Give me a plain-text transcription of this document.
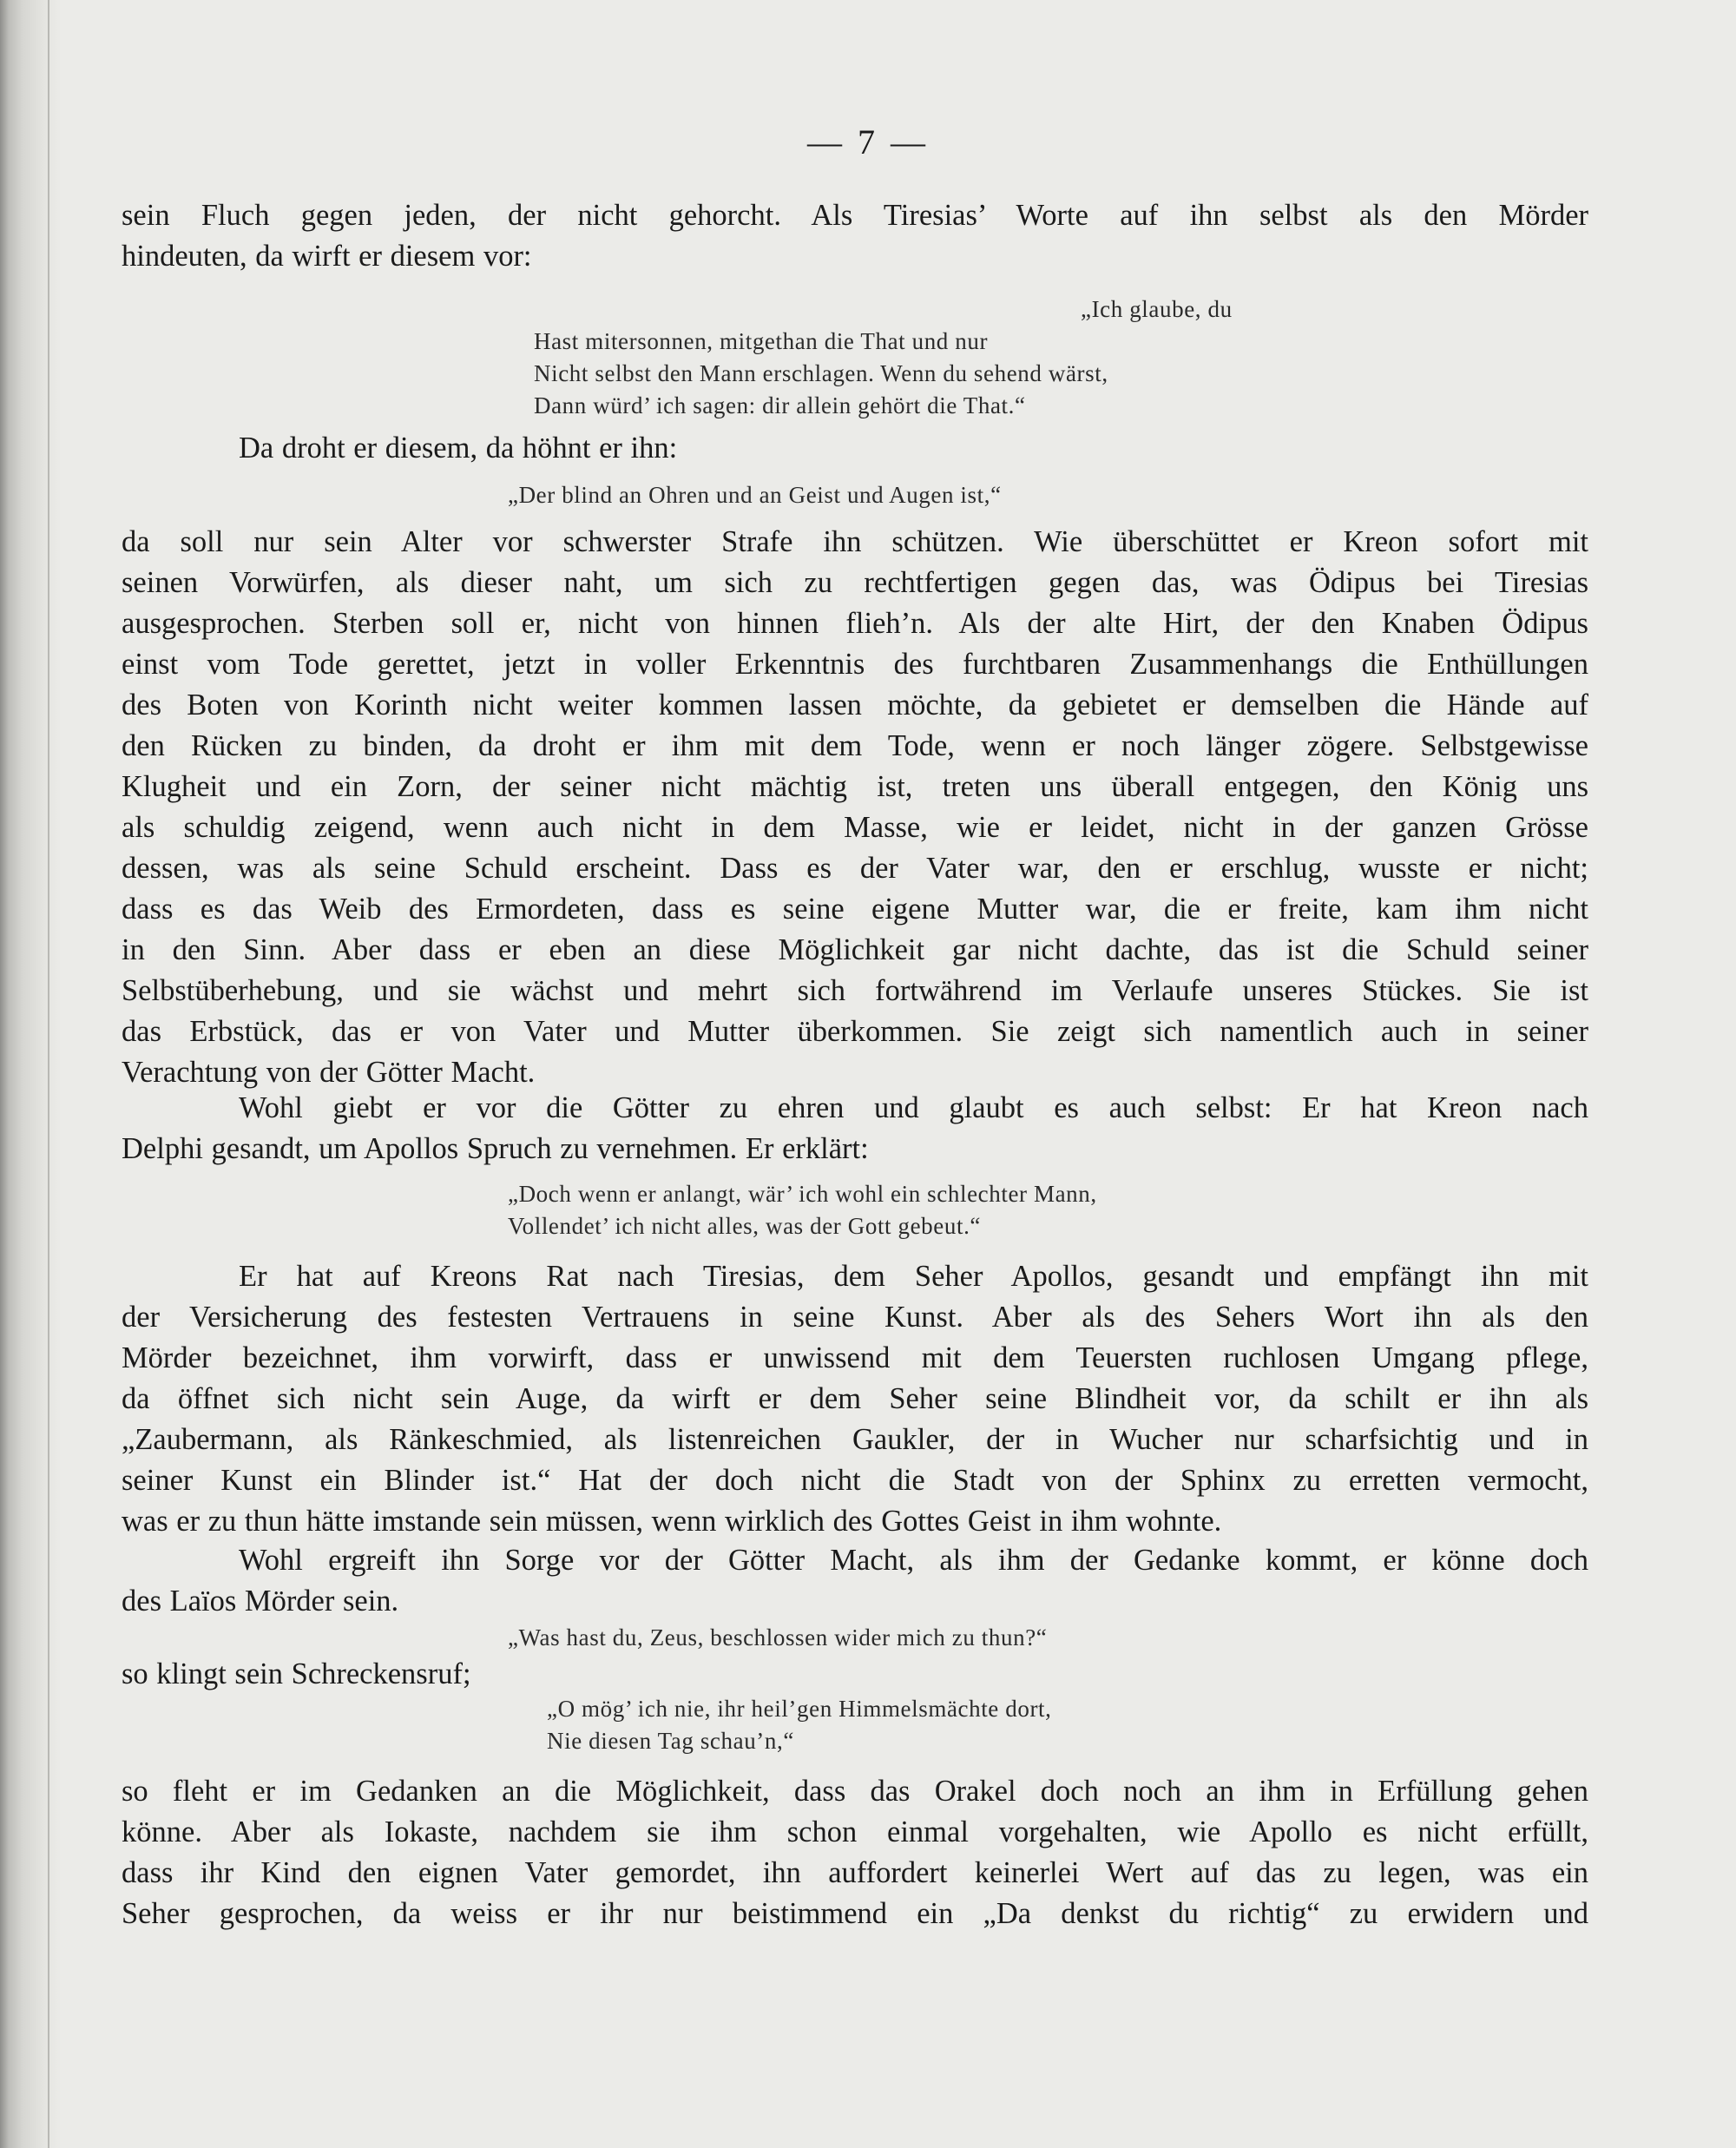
— 7 —

sein Fluch gegen jeden, der nicht gehorcht. Als Tiresias’ Worte auf ihn selbst als den Mörder
hindeuten, da wirft er diesem vor:

„Ich glaube, du
Hast mitersonnen, mitgethan die That und nur
Nicht selbst den Mann erschlagen. Wenn du sehend wärst,
Dann würd’ ich sagen: dir allein gehört die That.“

Da droht er diesem, da höhnt er ihn:

„Der blind an Ohren und an Geist und Augen ist,“

da soll nur sein Alter vor schwerster Strafe ihn schützen. Wie überschüttet er Kreon sofort mit
seinen Vorwürfen, als dieser naht, um sich zu rechtfertigen gegen das, was Ödipus bei Tiresias
ausgesprochen. Sterben soll er, nicht von hinnen flieh’n. Als der alte Hirt, der den Knaben Ödipus
einst vom Tode gerettet, jetzt in voller Erkenntnis des furchtbaren Zusammenhangs die Enthüllungen
des Boten von Korinth nicht weiter kommen lassen möchte, da gebietet er demselben die Hände auf
den Rücken zu binden, da droht er ihm mit dem Tode, wenn er noch länger zögere. Selbstgewisse
Klugheit und ein Zorn, der seiner nicht mächtig ist, treten uns überall entgegen, den König uns
als schuldig zeigend, wenn auch nicht in dem Masse, wie er leidet, nicht in der ganzen Grösse
dessen, was als seine Schuld erscheint. Dass es der Vater war, den er erschlug, wusste er nicht;
dass es das Weib des Ermordeten, dass es seine eigene Mutter war, die er freite, kam ihm nicht
in den Sinn. Aber dass er eben an diese Möglichkeit gar nicht dachte, das ist die Schuld seiner
Selbstüberhebung, und sie wächst und mehrt sich fortwährend im Verlaufe unseres Stückes. Sie ist
das Erbstück, das er von Vater und Mutter überkommen. Sie zeigt sich namentlich auch in seiner
Verachtung von der Götter Macht.

Wohl giebt er vor die Götter zu ehren und glaubt es auch selbst: Er hat Kreon nach
Delphi gesandt, um Apollos Spruch zu vernehmen. Er erklärt:

„Doch wenn er anlangt, wär’ ich wohl ein schlechter Mann,
Vollendet’ ich nicht alles, was der Gott gebeut.“

Er hat auf Kreons Rat nach Tiresias, dem Seher Apollos, gesandt und empfängt ihn mit
der Versicherung des festesten Vertrauens in seine Kunst. Aber als des Sehers Wort ihn als den
Mörder bezeichnet, ihm vorwirft, dass er unwissend mit dem Teuersten ruchlosen Umgang pflege,
da öffnet sich nicht sein Auge, da wirft er dem Seher seine Blindheit vor, da schilt er ihn als
„Zaubermann, als Ränkeschmied, als listenreichen Gaukler, der in Wucher nur scharfsichtig und in
seiner Kunst ein Blinder ist.“ Hat der doch nicht die Stadt von der Sphinx zu erretten vermocht,
was er zu thun hätte imstande sein müssen, wenn wirklich des Gottes Geist in ihm wohnte.

Wohl ergreift ihn Sorge vor der Götter Macht, als ihm der Gedanke kommt, er könne doch
des Laïos Mörder sein.

„Was hast du, Zeus, beschlossen wider mich zu thun?“

so klingt sein Schreckensruf;

„O mög’ ich nie, ihr heil’gen Himmelsmächte dort,
Nie diesen Tag schau’n,“

so fleht er im Gedanken an die Möglichkeit, dass das Orakel doch noch an ihm in Erfüllung gehen
könne. Aber als Iokaste, nachdem sie ihm schon einmal vorgehalten, wie Apollo es nicht erfüllt,
dass ihr Kind den eignen Vater gemordet, ihn auffordert keinerlei Wert auf das zu legen, was ein
Seher gesprochen, da weiss er ihr nur beistimmend ein „Da denkst du richtig“ zu erwidern und
